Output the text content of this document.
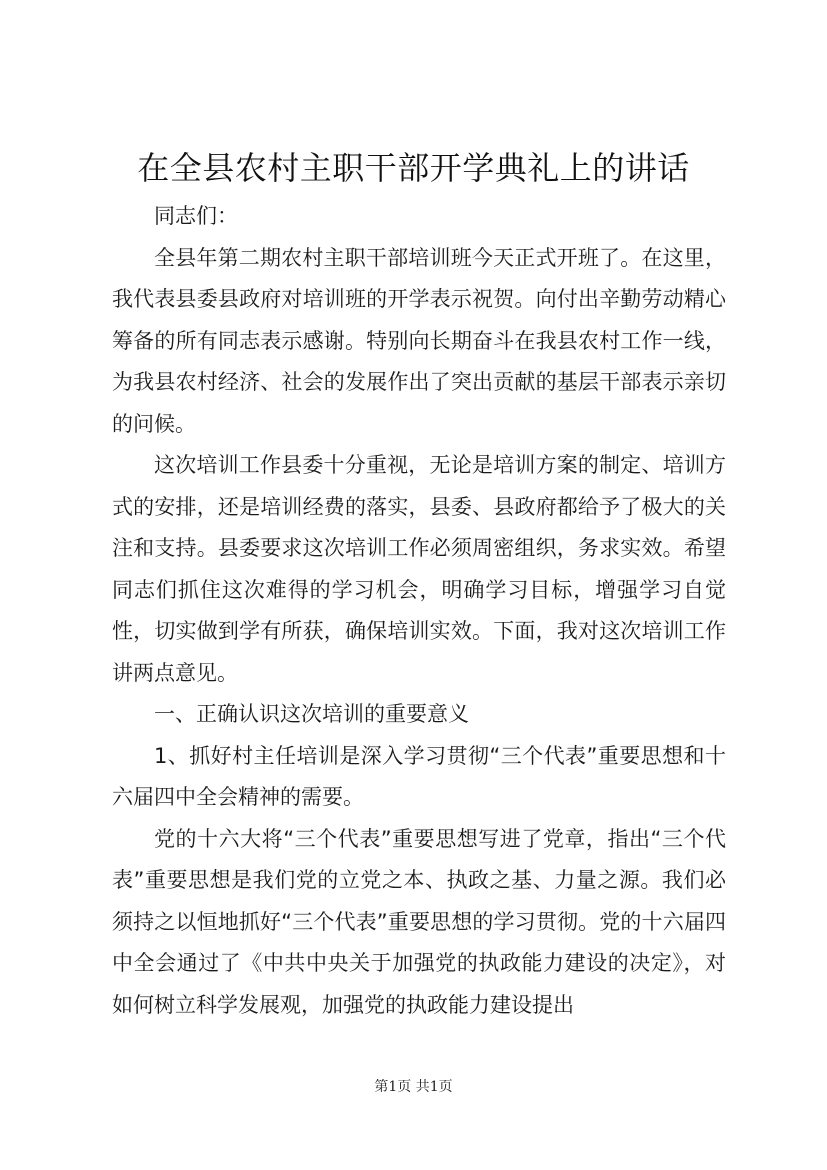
在全县农村主职干部开学典礼上的讲话

同志们：

全县年第二期农村主职干部培训班今天正式开班了。在这里，我代表县委县政府对培训班的开学表示祝贺。向付出辛勤劳动精心筹备的所有同志表示感谢。特别向长期奋斗在我县农村工作一线，为我县农村经济、社会的发展作出了突出贡献的基层干部表示亲切的问候。

这次培训工作县委十分重视，无论是培训方案的制定、培训方式的安排，还是培训经费的落实，县委、县政府都给予了极大的关注和支持。县委要求这次培训工作必须周密组织，务求实效。希望同志们抓住这次难得的学习机会，明确学习目标，增强学习自觉性，切实做到学有所获，确保培训实效。下面，我对这次培训工作讲两点意见。

一、正确认识这次培训的重要意义

1、抓好村主任培训是深入学习贯彻“三个代表”重要思想和十六届四中全会精神的需要。

党的十六大将“三个代表”重要思想写进了党章，指出“三个代表”重要思想是我们党的立党之本、执政之基、力量之源。我们必须持之以恒地抓好“三个代表”重要思想的学习贯彻。党的十六届四中全会通过了《中共中央关于加强党的执政能力建设的决定》，对如何树立科学发展观，加强党的执政能力建设提出

第1页 共1页
